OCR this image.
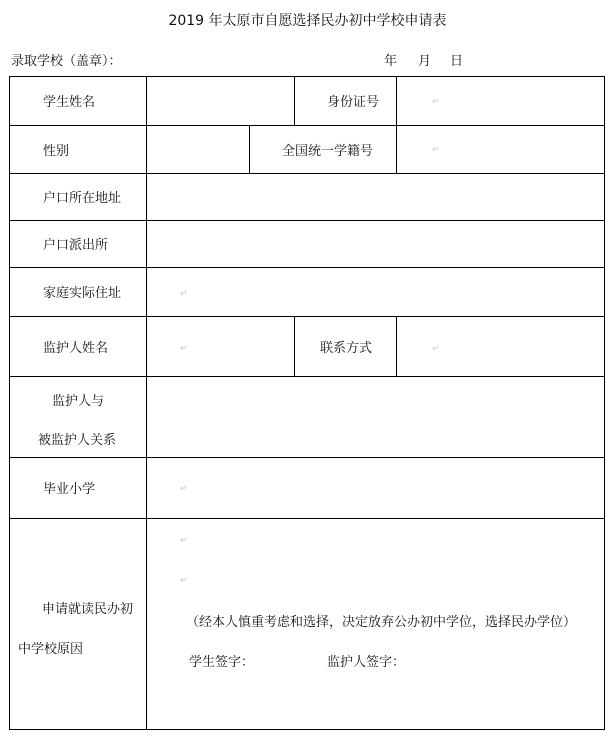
2019 年太原市自愿选择民办初中学校申请表
录取学校（盖章）：	年 月 日
学生姓名	身份证号
性别	全国统一学籍号
户口所在地址
户口派出所
家庭实际住址
监护人姓名	联系方式
监护人与
被监护人关系
毕业小学
申请就读民办初
中学校原因
（经本人慎重考虑和选择，决定放弃公办初中学位，选择民办学位）
学生签字：	监护人签字：
↵
↵
↵
↵	↵
↵
↵
↵
